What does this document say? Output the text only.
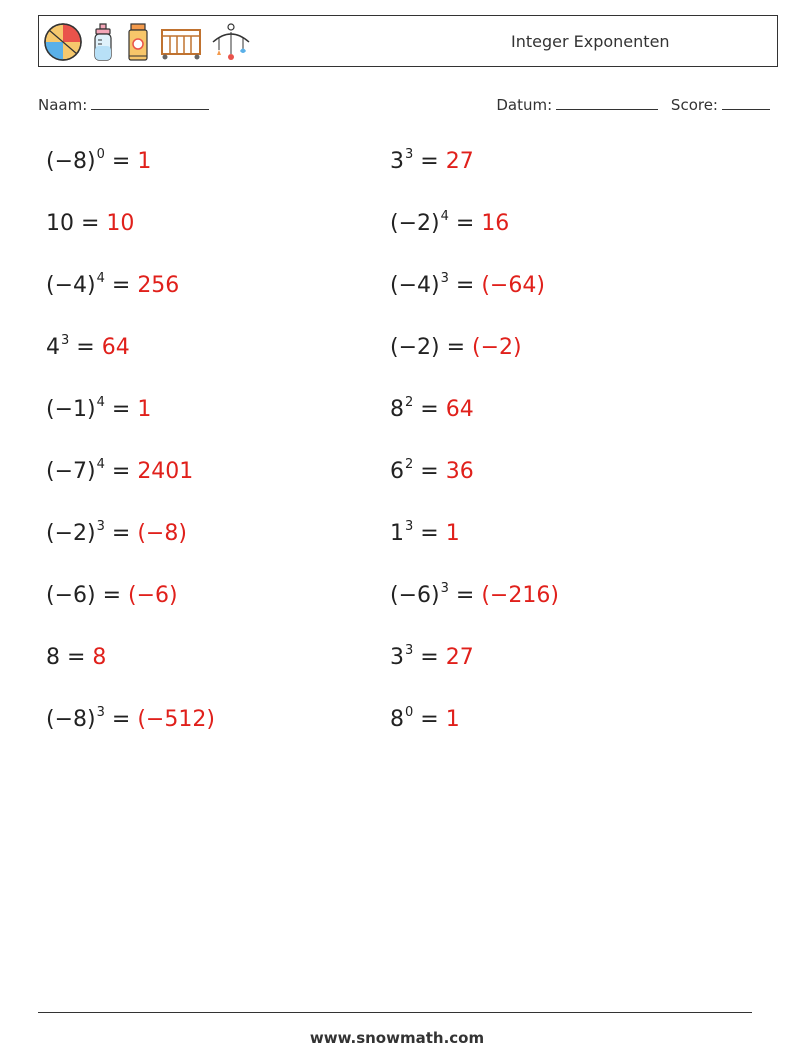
Integer Exponenten
Naam:	Datum:	Score:
$(-8)^0 = 1$	$3^3 = 27$
10 = 10	$(-2)^4 = 16$
$(-4)^4 = 256$	$(-4)^3 = (-64)$
$4^3 = 64$	(−2) = (−2)
$(-1)^4 = 1$	$8^2 = 64$
$(-7)^4 = 2401$	$6^2 = 36$
$(-2)^3 = (-8)$	$1^3 = 1$
(−6) = (−6)	$(-6)^3 = (-216)$
8 = 8	$3^3 = 27$
$(-8)^3 = (-512)$	$8^0 = 1$
www.snowmath.com
